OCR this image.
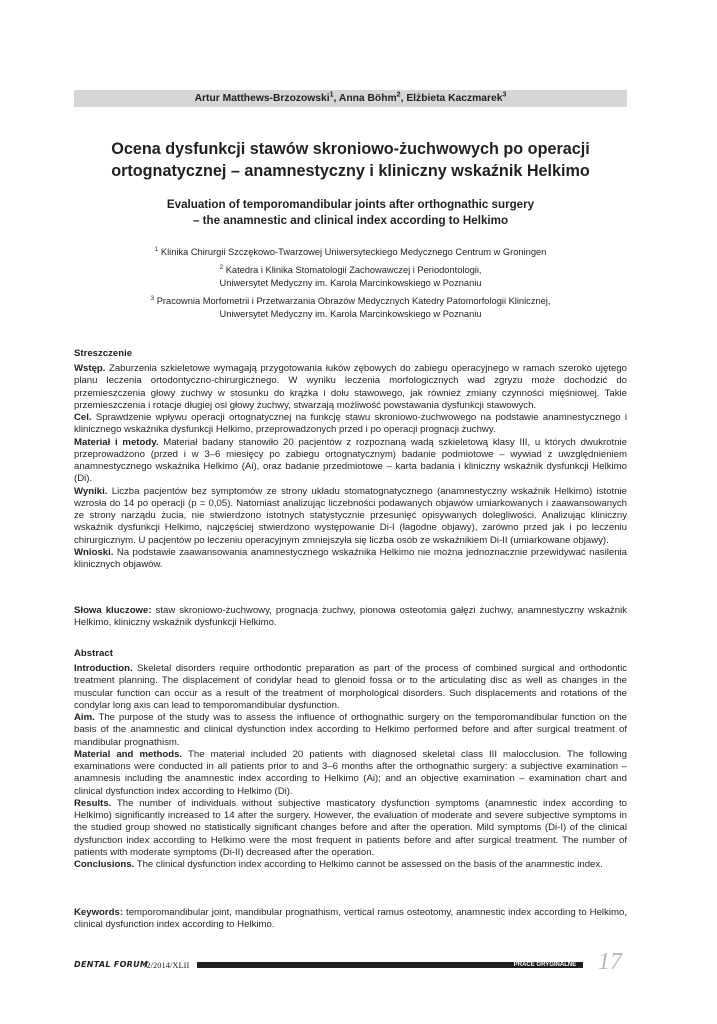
Artur Matthews-Brzozowski$^1$, Anna Böhm$^2$, Elżbieta Kaczmarek$^3$
Ocena dysfunkcji stawów skroniowo-żuchwowych po operacji
ortognatycznej – anamnestyczny i kliniczny wskaźnik Helkimo
Evaluation of temporomandibular joints after orthognathic surgery
– the anamnestic and clinical index according to Helkimo
$^1$ Klinika Chirurgii Szczękowo-Twarzowej Uniwersyteckiego Medycznego Centrum w Groningen
$^2$ Katedra i Klinika Stomatologii Zachowawczej i Periodontologii,
Uniwersytet Medyczny im. Karola Marcinkowskiego w Poznaniu
$^3$ Pracownia Morfometrii i Przetwarzania Obrazów Medycznych Katedry Patomorfologii Klinicznej,
Uniwersytet Medyczny im. Karola Marcinkowskiego w Poznaniu
Streszczenie

Wstęp. Zaburzenia szkieletowe wymagają przygotowania łuków zębowych do zabiegu operacyjnego w ramach szeroko ujętego planu leczenia ortodontyczno-chirurgicznego. W wyniku leczenia morfologicznych wad zgryzu może dochodzić do przemieszczenia głowy żuchwy w stosunku do krążka i dołu stawowego, jak również zmiany czynności mięśniowej. Takie przemieszczenia i rotacje długiej osi głowy żuchwy, stwarzają możliwość powstawania dysfunkcji stawowych.

Cel. Sprawdzenie wpływu operacji ortognatycznej na funkcję stawu skroniowo-żuchwowego na podstawie anamnestycznego i klinicznego wskaźnika dysfunkcji Helkimo, przeprowadzonych przed i po operacji prognacji żuchwy.

Materiał i metody. Materiał badany stanowiło 20 pacjentów z rozpoznaną wadą szkieletową klasy III, u których dwukrotnie przeprowadzono (przed i w 3–6 miesięcy po zabiegu ortognatycznym) badanie podmiotowe – wywiad z uwzględnieniem anamnestycznego wskaźnika Helkimo (Ai), oraz badanie przedmiotowe – karta badania i kliniczny wskaźnik dysfunkcji Helkimo (Di).

Wyniki. Liczba pacjentów bez symptomów ze strony układu stomatognatycznego (anamnestyczny wskaźnik Helkimo) istotnie wzrosła do 14 po operacji (p = 0,05). Natomiast analizując liczebności podawanych objawów umiarkowanych i zaawansowanych ze strony narządu żucia, nie stwierdzono istotnych statystycznie przesunięć opisywanych dolegliwości. Analizując kliniczny wskaźnik dysfunkcji Helkimo, najczęściej stwierdzono występowanie Di-I (łagodne objawy), zarówno przed jak i po leczeniu chirurgicznym. U pacjentów po leczeniu operacyjnym zmniejszyła się liczba osób ze wskaźnikiem Di-II (umiarkowane objawy).

Wnioski. Na podstawie zaawansowania anamnestycznego wskaźnika Helkimo nie można jednoznacznie przewidywać nasilenia klinicznych objawów.

Słowa kluczowe: staw skroniowo-żuchwowy, prognacja żuchwy, pionowa osteotomia gałęzi żuchwy, anamnestyczny wskaźnik Helkimo, kliniczny wskaźnik dysfunkcji Helkimo.

Abstract

Introduction. Skeletal disorders require orthodontic preparation as part of the process of combined surgical and orthodontic treatment planning. The displacement of condylar head to glenoid fossa or to the articulating disc as well as changes in the muscular function can occur as a result of the treatment of morphological disorders. Such displacements and rotations of the condylar long axis can lead to temporomandibular dysfunction.

Aim. The purpose of the study was to assess the influence of orthognathic surgery on the temporomandibular function on the basis of the anamnestic and clinical dysfunction index according to Helkimo performed before and after surgical treatment of mandibular prognathism.

Material and methods. The material included 20 patients with diagnosed skeletal class III malocclusion. The following examinations were conducted in all patients prior to and 3–6 months after the orthognathic surgery: a subjective examination – anamnesis including the anamnestic index according to Helkimo (Ai); and an objective examination – examination chart and clinical dysfunction index according to Helkimo (Di).

Results. The number of individuals without subjective masticatory dysfunction symptoms (anamnestic index according to Helkimo) significantly increased to 14 after the surgery. However, the evaluation of moderate and severe subjective symptoms in the studied group showed no statistically significant changes before and after the operation. Mild symptoms (Di-I) of the clinical dysfunction index according to Helkimo were the most frequent in patients before and after surgical treatment. The number of patients with moderate symptoms (Di-II) decreased after the operation.

Conclusions. The clinical dysfunction index according to Helkimo cannot be assessed on the basis of the anamnestic index.

Keywords: temporomandibular joint, mandibular prognathism, vertical ramus osteotomy, anamnestic index according to Helkimo, clinical dysfunction index according to Helkimo.

DENTAL FORUM
/2/2014/XLII	PRACE ORYGINALNE 17
